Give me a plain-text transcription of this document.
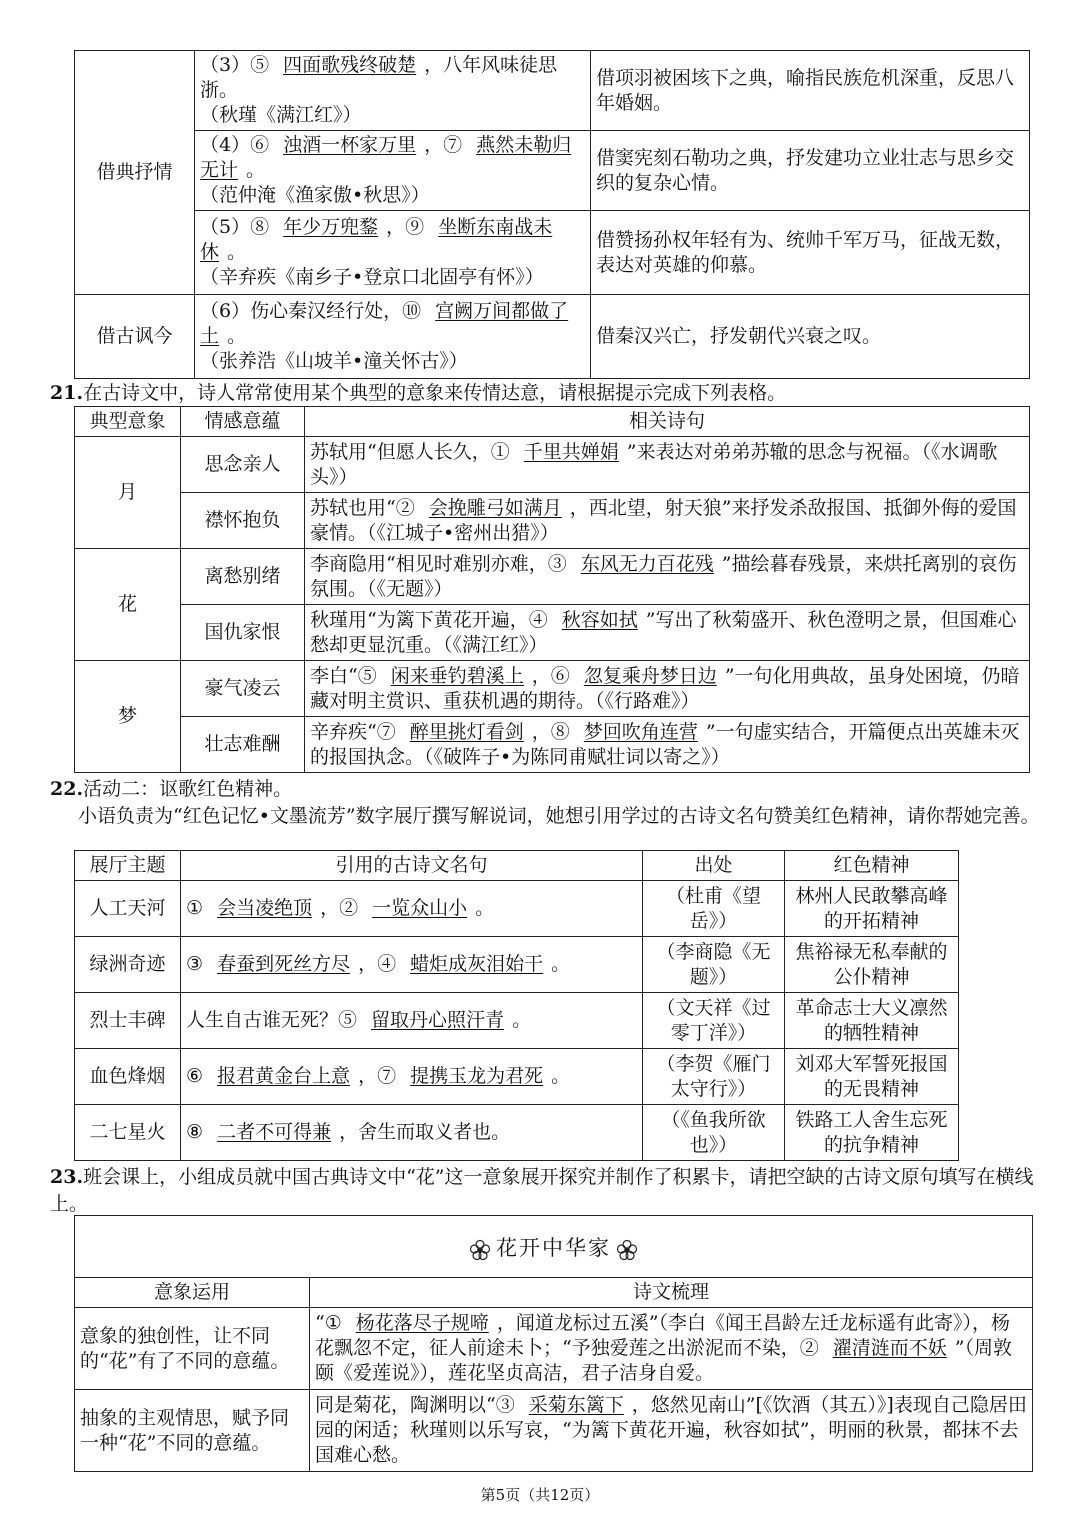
借典抒情	（3）⑤ 四面歌残终破楚 ，八年风味徒思浙。
（秋瑾《满江红》）	借项羽被困垓下之典，喻指民族危机深重，反思八年婚姻。
	（4）⑥ 浊酒一杯家万里 ，⑦ 燕然未勒归无计 。
（范仲淹《渔家傲•秋思》）	借窦宪刻石勒功之典，抒发建功立业壮志与思乡交织的复杂心情。
	（5）⑧ 年少万兜鍪 ，⑨ 坐断东南战未休 。
（辛弃疾《南乡子•登京口北固亭有怀》）	借赞扬孙权年轻有为、统帅千军万马，征战无数，表达对英雄的仰慕。
借古讽今	（6）伤心秦汉经行处，⑩ 宫阙万间都做了土 。
（张养浩《山坡羊•潼关怀古》）	借秦汉兴亡，抒发朝代兴衰之叹。
21.在古诗文中，诗人常常使用某个典型的意象来传情达意，请根据提示完成下列表格。
典型意象	情感意蕴	相关诗句
月	思念亲人	苏轼用“但愿人长久，① 千里共婵娟 ”来表达对弟弟苏辙的思念与祝福。（《水调歌头》）
	襟怀抱负	苏轼也用“② 会挽雕弓如满月 ，西北望，射天狼”来抒发杀敌报国、抵御外侮的爱国豪情。（《江城子•密州出猎》）
花	离愁别绪	李商隐用“相见时难别亦难，③ 东风无力百花残 ”描绘暮春残景，来烘托离别的哀伤氛围。（《无题》）
	国仇家恨	秋瑾用“为篱下黄花开遍，④ 秋容如拭 ”写出了秋菊盛开、秋色澄明之景，但国难心愁却更显沉重。（《满江红》）
梦	豪气凌云	李白“⑤ 闲来垂钓碧溪上 ，⑥ 忽复乘舟梦日边 ”一句化用典故，虽身处困境，仍暗藏对明主赏识、重获机遇的期待。（《行路难》）
	壮志难酬	辛弃疾“⑦ 醉里挑灯看剑 ，⑧ 梦回吹角连营 ”一句虚实结合，开篇便点出英雄未灭的报国执念。（《破阵子•为陈同甫赋壮词以寄之》）
22.活动二：讴歌红色精神。
小语负责为“红色记忆•文墨流芳”数字展厅撰写解说词，她想引用学过的古诗文名句赞美红色精神，请你帮她完善。
展厅主题	引用的古诗文名句	出处	红色精神
人工天河	① 会当凌绝顶 ，② 一览众山小 。	（杜甫《望岳》）	林州人民敢攀高峰的开拓精神
绿洲奇迹	③ 春蚕到死丝方尽 ，④ 蜡炬成灰泪始干 。	（李商隐《无题》）	焦裕禄无私奉献的公仆精神
烈士丰碑	人生自古谁无死？⑤ 留取丹心照汗青 。	（文天祥《过零丁洋》）	革命志士大义凛然的牺牲精神
血色烽烟	⑥ 报君黄金台上意 ，⑦ 提携玉龙为君死 。	（李贺《雁门太守行》）	刘邓大军誓死报国的无畏精神
二七星火	⑧ 二者不可得兼 ，舍生而取义者也。	（《鱼我所欲也》）	铁路工人舍生忘死的抗争精神
23.班会课上，小组成员就中国古典诗文中“花”这一意象展开探究并制作了积累卡，请把空缺的古诗文原句填写在横线上。
花开中华家	
意象运用	诗文梳理
意象的独创性，让不同的“花”有了不同的意蕴。	“① 杨花落尽子规啼 ，闻道龙标过五溪”（李白《闻王昌龄左迁龙标遥有此寄》），杨花飘忽不定，征人前途未卜；“予独爱莲之出淤泥而不染，② 濯清涟而不妖 ”（周敦颐《爱莲说》），莲花坚贞高洁，君子洁身自爱。
抽象的主观情思，赋予同一种“花”不同的意蕴。	同是菊花，陶渊明以“③ 采菊东篱下 ，悠然见南山”[《饮酒（其五）》]表现自己隐居田园的闲适；秋瑾则以乐写哀，“为篱下黄花开遍，秋容如拭”，明丽的秋景，都抹不去国难心愁。
第5页（共12页）
